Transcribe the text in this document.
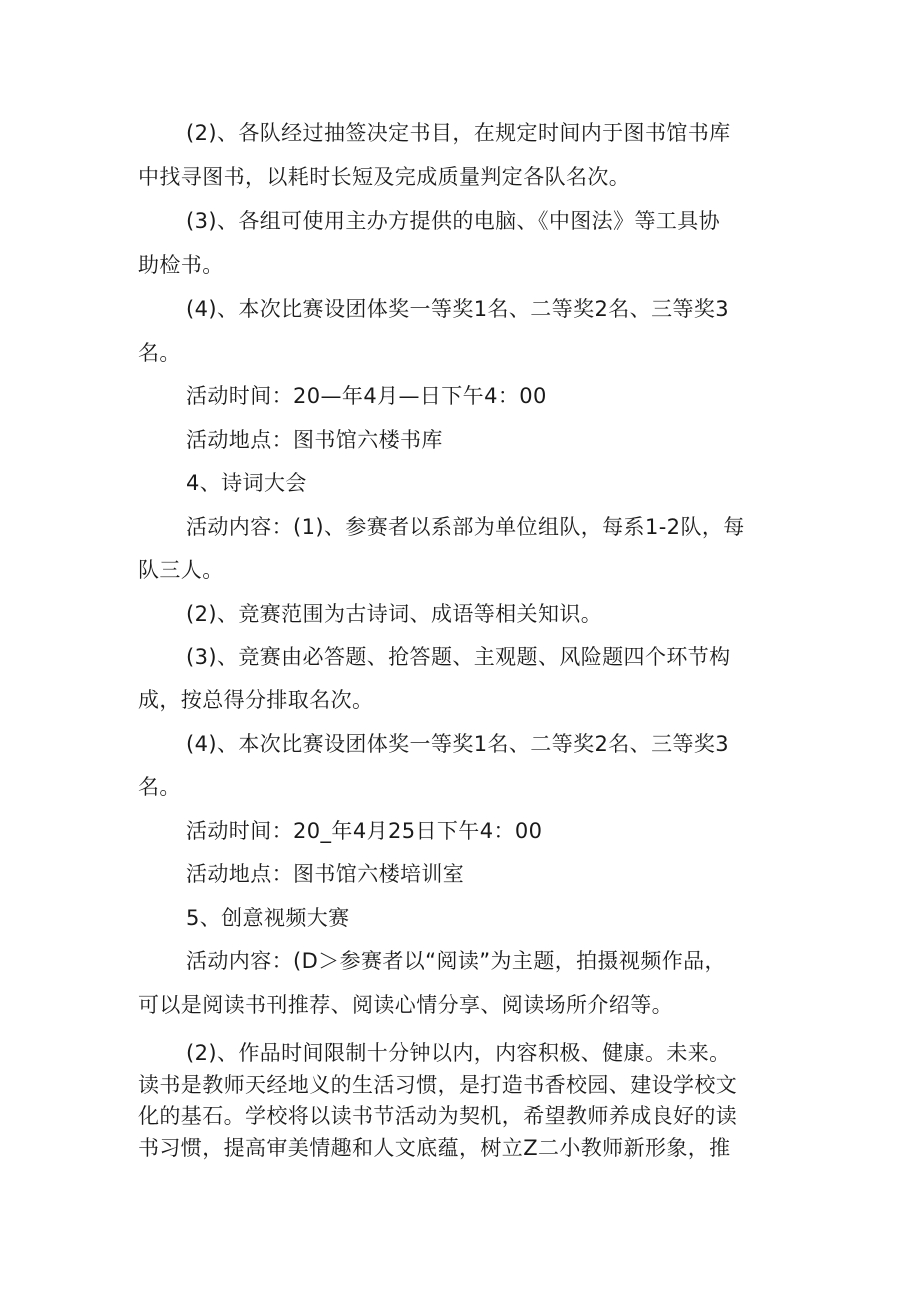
(2)、各队经过抽签决定书目，在规定时间内于图书馆书库
中找寻图书，以耗时长短及完成质量判定各队名次。
(3)、各组可使用主办方提供的电脑、《中图法》等工具协
助检书。
(4)、本次比赛设团体奖一等奖1名、二等奖2名、三等奖3
名。
活动时间：20—年4月—日下午4：00
活动地点：图书馆六楼书库
4、诗词大会
活动内容：(1)、参赛者以系部为单位组队，每系1-2队，每
队三人。
(2)、竞赛范围为古诗词、成语等相关知识。
(3)、竞赛由必答题、抢答题、主观题、风险题四个环节构
成，按总得分排取名次。
(4)、本次比赛设团体奖一等奖1名、二等奖2名、三等奖3
名。
活动时间：20_年4月25日下午4：00
活动地点：图书馆六楼培训室
5、创意视频大赛
活动内容：(D＞参赛者以“阅读”为主题，拍摄视频作品，
可以是阅读书刊推荐、阅读心情分享、阅读场所介绍等。
(2)、作品时间限制十分钟以内，内容积极、健康。未来。
读书是教师天经地义的生活习惯，是打造书香校园、建设学校文
化的基石。学校将以读书节活动为契机，希望教师养成良好的读
书习惯，提高审美情趣和人文底蕴，树立Z二小教师新形象，推
